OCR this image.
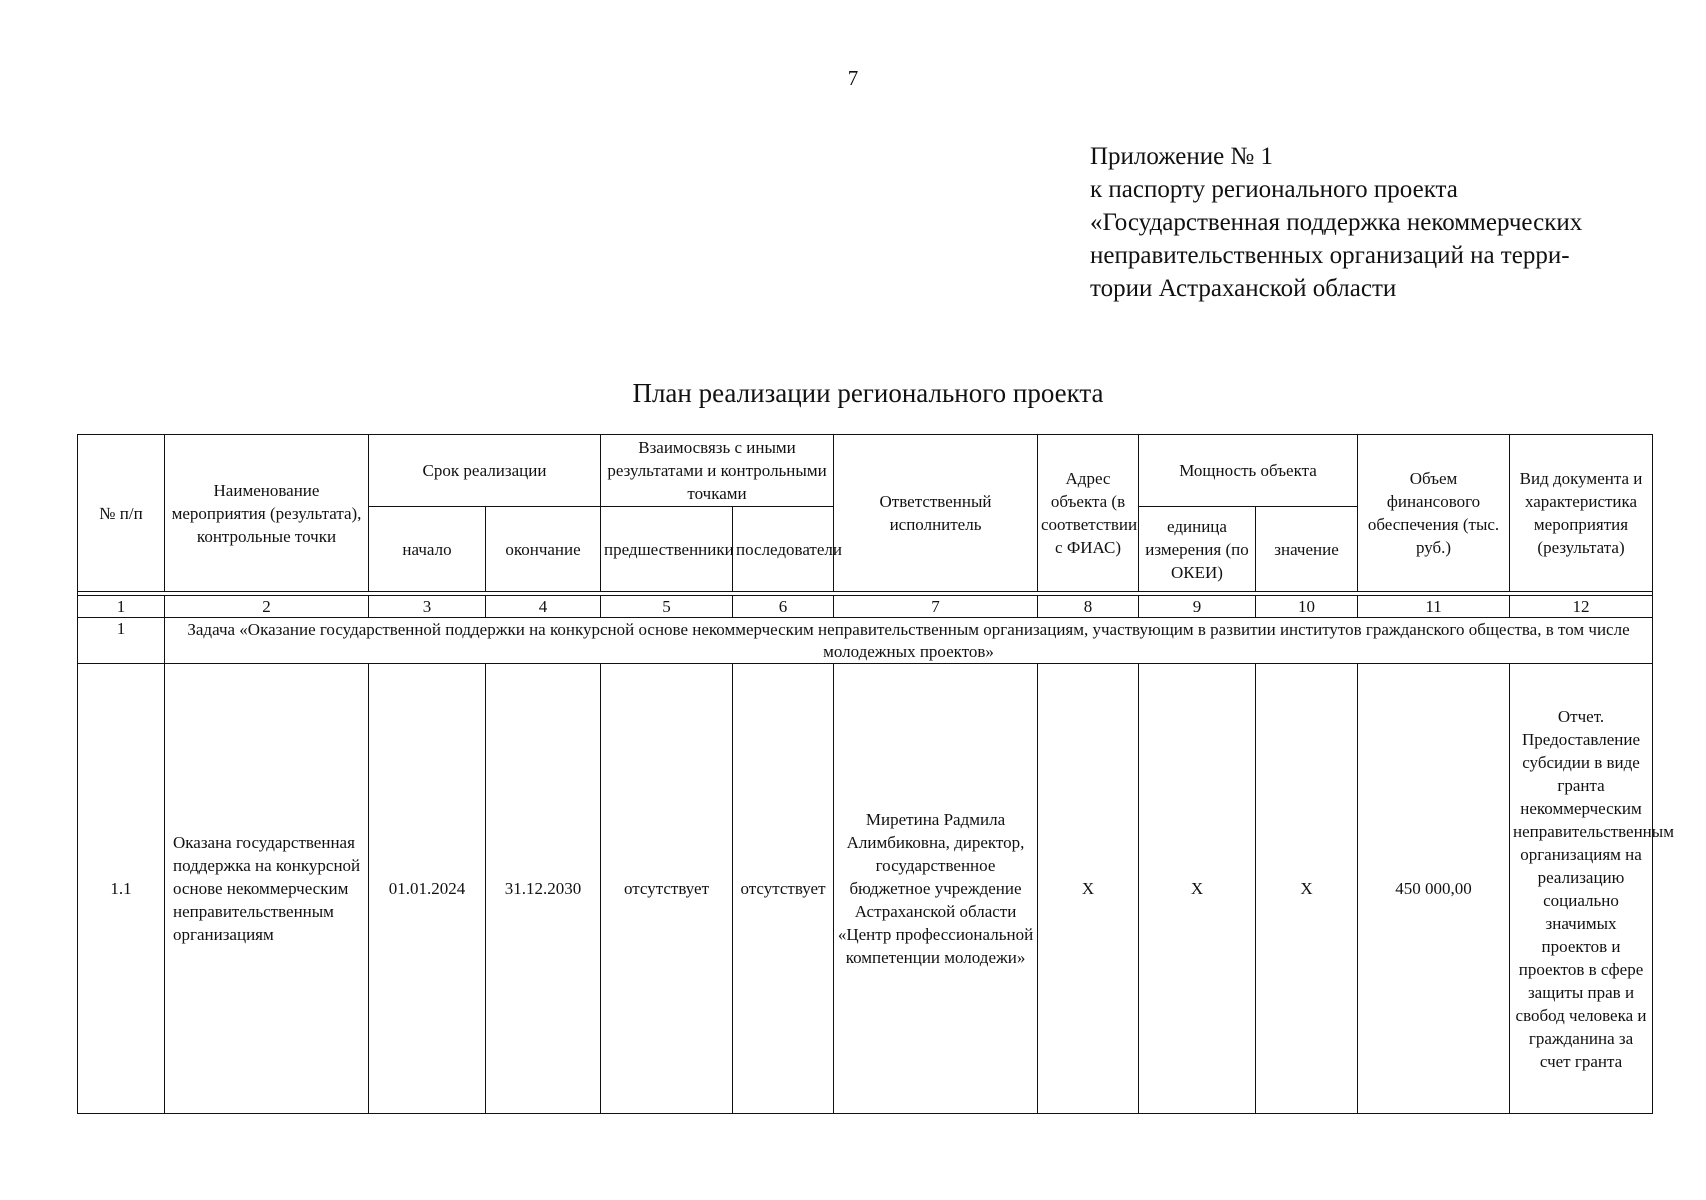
7
Приложение № 1
к паспорту регионального проекта
«Государственная поддержка некоммерческих
неправительственных организаций на терри-
тории Астраханской области
План реализации регионального проекта
№ п/п	Наименование мероприятия (результата), контрольные точки	Срок реализации		Взаимосвязь с иными результатами и контрольными точками		Ответственный исполнитель	Адрес объекта (в соответствии с ФИАС)	Мощность объекта		Объем финансового обеспечения (тыс. руб.)	Вид документа и характеристика мероприятия (результата)
		начало	окончание	предшественники	последователи			единица измерения (по ОКЕИ)	значение		

1	2	3	4	5	6	7	8	9	10	11	12
1	Задача «Оказание государственной поддержки на конкурсной основе некоммерческим неправительственным организациям, участвующим в развитии институтов гражданского общества, в том числе молодежных проектов»										
1.1	Оказана государственная поддержка на конкурсной основе некоммерческим неправительственным организациям	01.01.2024	31.12.2030	отсутствует	отсутствует	Миретина Радмила Алимбиковна, директор, государственное бюджетное учреждение Астраханской области «Центр профессиональной компетенции молодежи»	Х	Х	Х	450 000,00	Отчет. Предоставление субсидии в виде гранта некоммерческим неправительственным организациям на реализацию социально значимых проектов и проектов в сфере защиты прав и свобод человека и гражданина за счет гранта
